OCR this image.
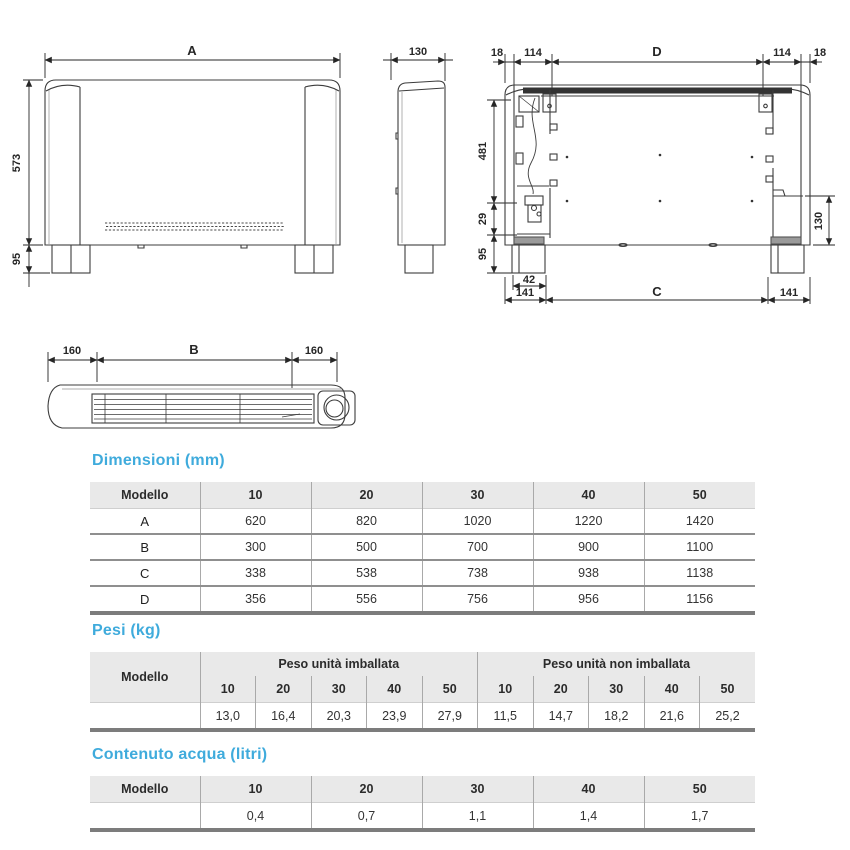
A
573
95
130	18 114	D	114 18
481
29
95
42
141	C	141
130
160	B	160
Dimensioni (mm)
Modello	10	20	30	40	50
A	620	820	1020	1220	1420
B	300	500	700	900	1100
C	338	538	738	938	1138
D	356	556	756	956	1156
Pesi (kg)
Modello	Peso unità imballata					Peso unità non imballata				
	10	20	30	40	50	10	20	30	40	50
	13,0	16,4	20,3	23,9	27,9	11,5	14,7	18,2	21,6	25,2
Contenuto acqua (litri)
Modello	10	20	30	40	50
	0,4	0,7	1,1	1,4	1,7
